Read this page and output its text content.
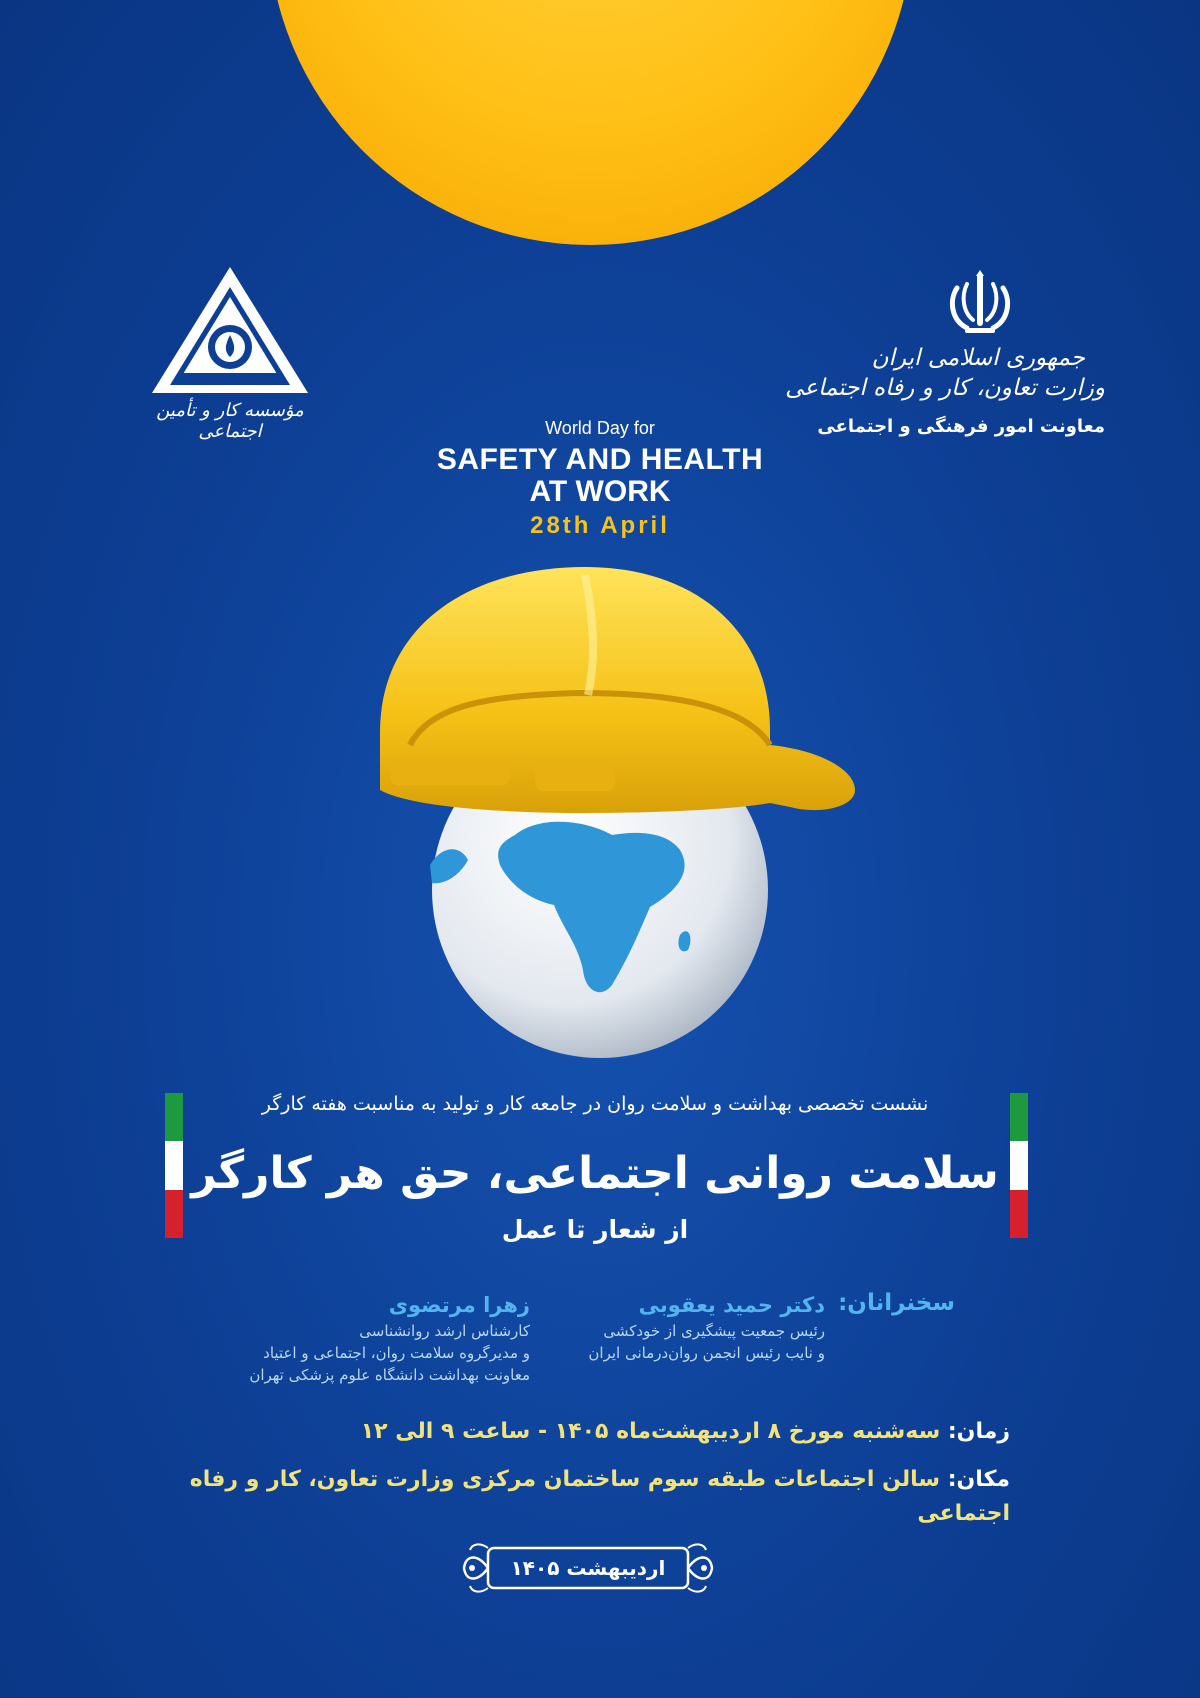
مؤسسه کار و تأمین اجتماعی
جمهوری اسلامی ایران
وزارت تعاون، کار و رفاه اجتماعی
معاونت امور فرهنگی و اجتماعی
World Day for
SAFETY AND HEALTH
AT WORK
28th April
نشست تخصصی بهداشت و سلامت روان در جامعه کار و تولید به مناسبت هفته کارگر
سلامت روانی اجتماعی، حق هر کارگر
از شعار تا عمل
سخنرانان:
دکتر حمید یعقوبی
رئیس جمعیت پیشگیری از خودکشی
و نایب رئیس انجمن روان‌درمانی ایران
زهرا مرتضوی
کارشناس ارشد روانشناسی
و مدیرگروه سلامت روان، اجتماعی و اعتیاد
معاونت بهداشت دانشگاه علوم پزشکی تهران
زمان: سه‌شنبه مورخ ۸ اردیبهشت‌ماه ۱۴۰۵ - ساعت ۹ الی ۱۲
مکان: سالن اجتماعات طبقه سوم ساختمان مرکزی وزارت تعاون، کار و رفاه اجتماعی
اردیبهشت ۱۴۰۵
